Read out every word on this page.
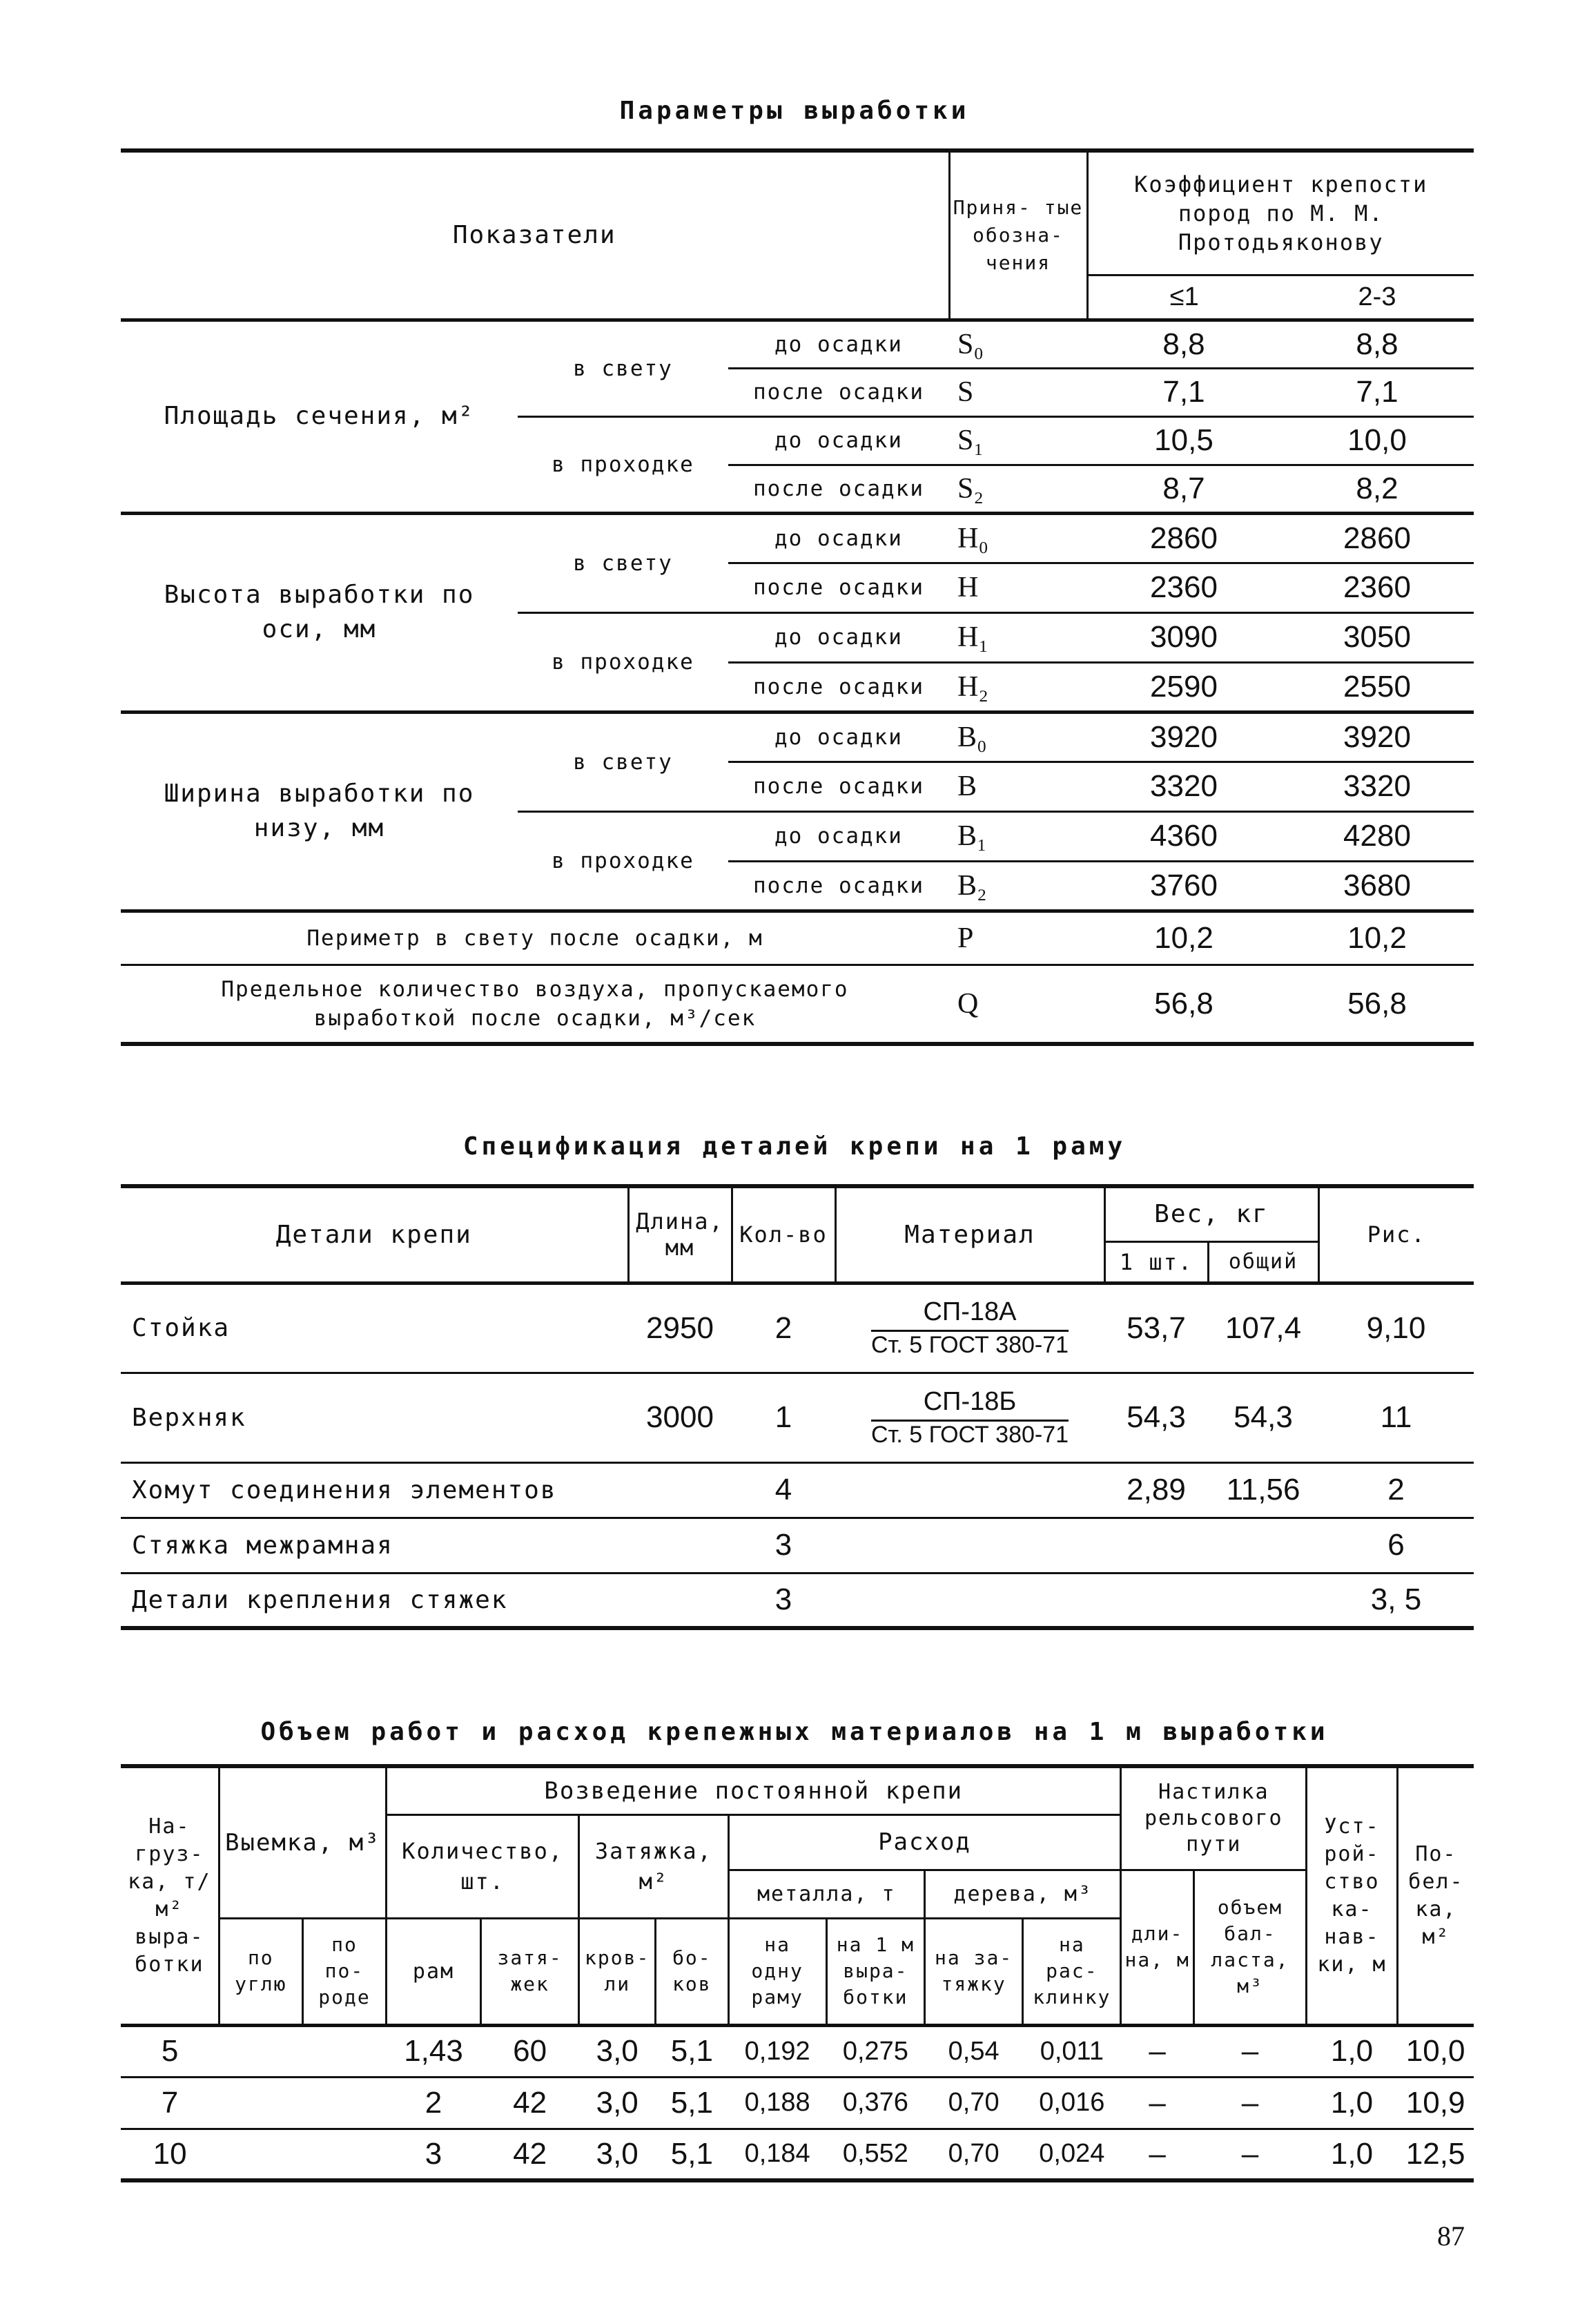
Параметры выработки
Показатели			Приня- тые обозна- чения	Коэффициент крепости пород по М. М. Протодьяконову	
				≤1	2-3
Площадь сечения, м²	в свету	до осадки	S₀	8,8	8,8
		после осадки	S	7,1	7,1
	в проходке	до осадки	S₁	10,5	10,0
		после осадки	S₂	8,7	8,2
Высота выработки по оси, мм	в свету	до осадки	H₀	2860	2860
		после осадки	H	2360	2360
	в проходке	до осадки	H₁	3090	3050
		после осадки	H₂	2590	2550
Ширина выработки по низу, мм	в свету	до осадки	B₀	3920	3920
		после осадки	B	3320	3320
	в проходке	до осадки	B₁	4360	4280
		после осадки	B₂	3760	3680
Периметр в свету после осадки, м			P	10,2	10,2

Предельное количество воздуха, пропускаемого
выработкой после осадки, м³/сек			Q	56,8	56,8
Спецификация деталей крепи на 1 раму
Детали крепи	Длина, мм	Кол-во	Материал	Вес, кг		Рис.
				1 шт.	общий	
Стойка	2950	2	$\frac{СП-18А}{\text{Ст. 5 ГОСТ 380-71}}$	53,7	107,4	9,10
Верхняк	3000	1	$\frac{СП-18Б}{\text{Ст. 5 ГОСТ 380-71}}$	54,3	54,3	11
Хомут соединения элементов		4		2,89	11,56	2
Стяжка межрамная		3				6
Детали крепления стяжек		3				3, 5
Объем работ и расход крепежных материалов на 1 м выработки
На- груз- ка, т/м² выра- ботки	Выемка, м³		Возведение постоянной крепи								Настилка рельсового пути		Уст- рой- ство ка- нав- ки, м	По- бел- ка, м²
			Количество, шт.		Затяжка, м²		Расход							
							металла, т		дерева, м³		дли- на, м	объем бал- ласта, м³		
	по углю	по по- роде	рам	затя- жек	кров- ли	бо- ков	на одну раму	на 1 м выра- ботки	на за- тяжку	на рас- клинку				
5			1,43	60	3,0	5,1	0,192	0,275	0,54	0,011	–	–	1,0	10,0
7			2	42	3,0	5,1	0,188	0,376	0,70	0,016	–	–	1,0	10,9
10			3	42	3,0	5,1	0,184	0,552	0,70	0,024	–	–	1,0	12,5
87
